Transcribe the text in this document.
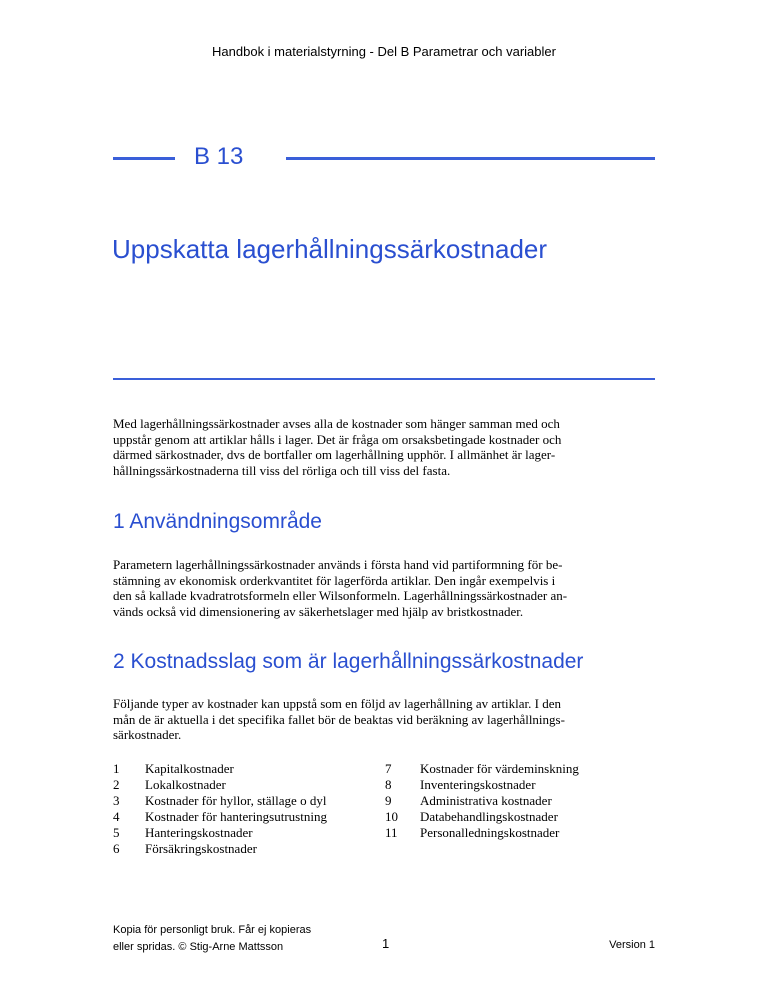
Handbok i materialstyrning - Del B Parametrar och variabler
B 13
Uppskatta lagerhållningssärkostnader
Med lagerhållningssärkostnader avses alla de kostnader som hänger samman med och
uppstår genom att artiklar hålls i lager. Det är fråga om orsaksbetingade kostnader och
därmed särkostnader, dvs de bortfaller om lagerhållning upphör. I allmänhet är lager-
hållningssärkostnaderna till viss del rörliga och till viss del fasta.
1 Användningsområde
Parametern lagerhållningssärkostnader används i första hand vid partiformning för be-
stämning av ekonomisk orderkvantitet för lagerförda artiklar. Den ingår exempelvis i
den så kallade kvadratrotsformeln eller Wilsonformeln. Lagerhållningssärkostnader an-
vänds också vid dimensionering av säkerhetslager med hjälp av bristkostnader.
2 Kostnadsslag som är lagerhållningssärkostnader
Följande typer av kostnader kan uppstå som en följd av lagerhållning av artiklar. I den
mån de är aktuella i det specifika fallet bör de beaktas vid beräkning av lagerhållnings-
särkostnader.
1 Kapitalkostnader
2 Lokalkostnader
3 Kostnader för hyllor, ställage o dyl
4 Kostnader för hanteringsutrustning
5 Hanteringskostnader
6 Försäkringskostnader
7 Kostnader för värdeminskning
8 Inventeringskostnader
9 Administrativa kostnader
10 Databehandlingskostnader
11 Personalledningskostnader
Kopia för personligt bruk. Får ej kopieras
eller spridas. © Stig-Arne Mattsson	1	Version 1
